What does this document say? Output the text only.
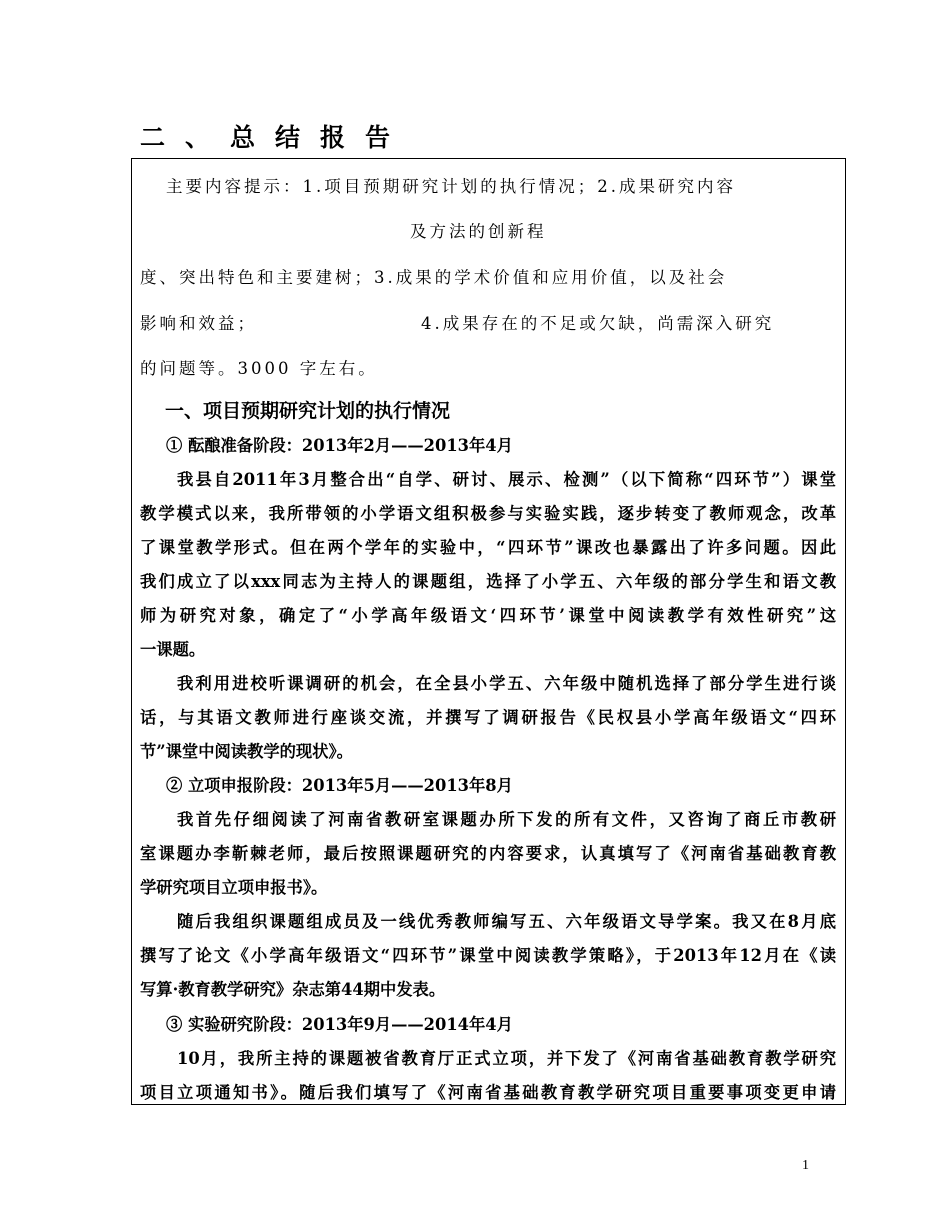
二、总结报告
主要内容提示：1.项目预期研究计划的执行情况；2.成果研究内容
及方法的创新程
度、突出特色和主要建树；3.成果的学术价值和应用价值，以及社会
影响和效益；	4.成果存在的不足或欠缺，尚需深入研究
的问题等。3000 字左右。
一、项目预期研究计划的执行情况
① 酝酿准备阶段：2013年2月——2013年4月
我县自2011年3月整合出“自学、研讨、展示、检测”（以下简称“四环节”）课堂
教学模式以来，我所带领的小学语文组积极参与实验实践，逐步转变了教师观念，改革
了课堂教学形式。但在两个学年的实验中，“四环节”课改也暴露出了许多问题。因此
我们成立了以xxx同志为主持人的课题组，选择了小学五、六年级的部分学生和语文教
师为研究对象，确定了“小学高年级语文‘四环节’课堂中阅读教学有效性研究”这
一课题。
我利用进校听课调研的机会，在全县小学五、六年级中随机选择了部分学生进行谈
话，与其语文教师进行座谈交流，并撰写了调研报告《民权县小学高年级语文“四环
节”课堂中阅读教学的现状》。
② 立项申报阶段：2013年5月——2013年8月
我首先仔细阅读了河南省教研室课题办所下发的所有文件，又咨询了商丘市教研
室课题办李靳棘老师，最后按照课题研究的内容要求，认真填写了《河南省基础教育教
学研究项目立项申报书》。
随后我组织课题组成员及一线优秀教师编写五、六年级语文导学案。我又在8月底
撰写了论文《小学高年级语文“四环节”课堂中阅读教学策略》，于2013年12月在《读
写算·教育教学研究》杂志第44期中发表。
③ 实验研究阶段：2013年9月——2014年4月
10月，我所主持的课题被省教育厅正式立项，并下发了《河南省基础教育教学研究
项目立项通知书》。随后我们填写了《河南省基础教育教学研究项目重要事项变更申请
1
